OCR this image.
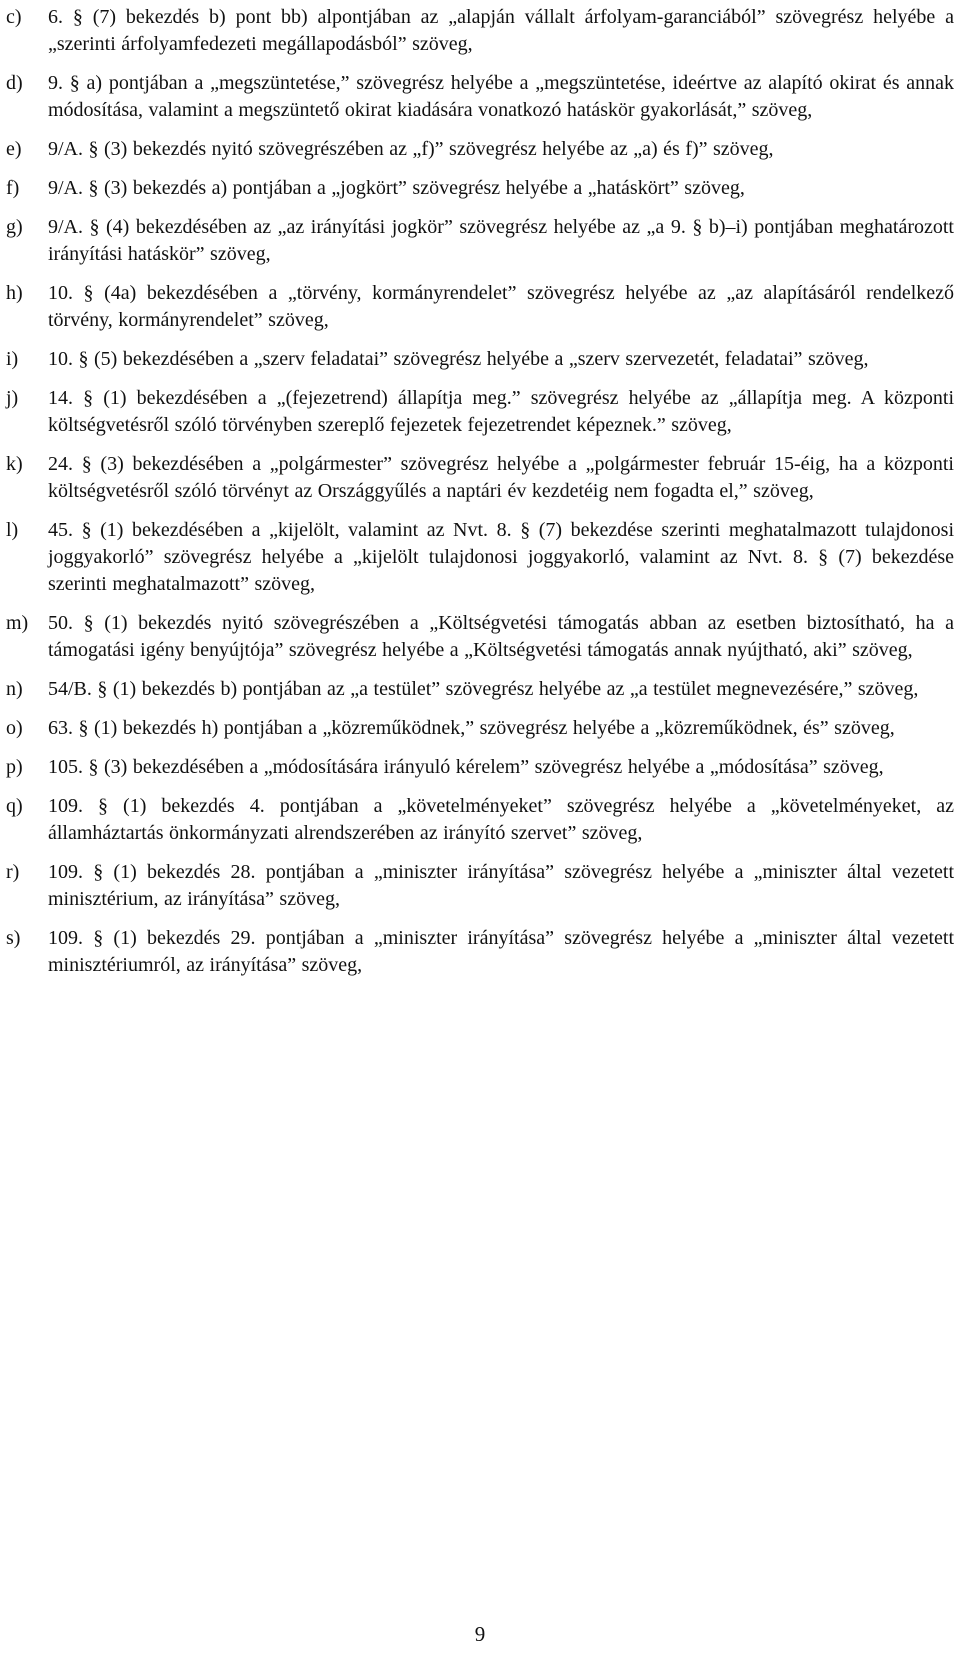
c)	6. § (7) bekezdés b) pont bb) alpontjában az „alapján vállalt árfolyam-garanciából” szövegrész helyébe a „szerinti árfolyamfedezeti megállapodásból” szöveg,
d)	9. § a) pontjában a „megszüntetése,” szövegrész helyébe a „megszüntetése, ideértve az alapító okirat és annak módosítása, valamint a megszüntető okirat kiadására vonatkozó hatáskör gyakorlását,” szöveg,
e)	9/A. § (3) bekezdés nyitó szövegrészében az „f)” szövegrész helyébe az „a) és f)” szöveg,
f)	9/A. § (3) bekezdés a) pontjában a „jogkört” szövegrész helyébe a „hatáskört” szöveg,
g)	9/A. § (4) bekezdésében az „az irányítási jogkör” szövegrész helyébe az „a 9. § b)–i) pontjában meghatározott irányítási hatáskör” szöveg,
h)	10. § (4a) bekezdésében a „törvény, kormányrendelet” szövegrész helyébe az „az alapításáról rendelkező törvény, kormányrendelet” szöveg,
i)	10. § (5) bekezdésében a „szerv feladatai” szövegrész helyébe a „szerv szervezetét, feladatai” szöveg,
j)	14. § (1) bekezdésében a „(fejezetrend) állapítja meg.” szövegrész helyébe az „állapítja meg. A központi költségvetésről szóló törvényben szereplő fejezetek fejezetrendet képeznek.” szöveg,
k)	24. § (3) bekezdésében a „polgármester” szövegrész helyébe a „polgármester február 15-éig, ha a központi költségvetésről szóló törvényt az Országgyűlés a naptári év kezdetéig nem fogadta el,” szöveg,
l)	45. § (1) bekezdésében a „kijelölt, valamint az Nvt. 8. § (7) bekezdése szerinti meghatalmazott tulajdonosi joggyakorló” szövegrész helyébe a „kijelölt tulajdonosi joggyakorló, valamint az Nvt. 8. § (7) bekezdése szerinti meghatalmazott” szöveg,
m) 50. § (1) bekezdés nyitó szövegrészében a „Költségvetési támogatás abban az esetben biztosítható, ha a támogatási igény benyújtója” szövegrész helyébe a „Költségvetési támogatás annak nyújtható, aki” szöveg,
n)	54/B. § (1) bekezdés b) pontjában az „a testület” szövegrész helyébe az „a testület megnevezésére,” szöveg,
o)	63. § (1) bekezdés h) pontjában a „közreműködnek,” szövegrész helyébe a „közreműködnek, és” szöveg,
p)	105. § (3) bekezdésében a „módosítására irányuló kérelem” szövegrész helyébe a „módosítása” szöveg,
q)	109. § (1) bekezdés 4. pontjában a „követelményeket” szövegrész helyébe a „követelményeket, az államháztartás önkormányzati alrendszerében az irányító szervet” szöveg,
r)	109. § (1) bekezdés 28. pontjában a „miniszter irányítása” szövegrész helyébe a „miniszter által vezetett minisztérium, az irányítása” szöveg,
s)	109. § (1) bekezdés 29. pontjában a „miniszter irányítása” szövegrész helyébe a „miniszter által vezetett minisztériumról, az irányítása” szöveg,
9
